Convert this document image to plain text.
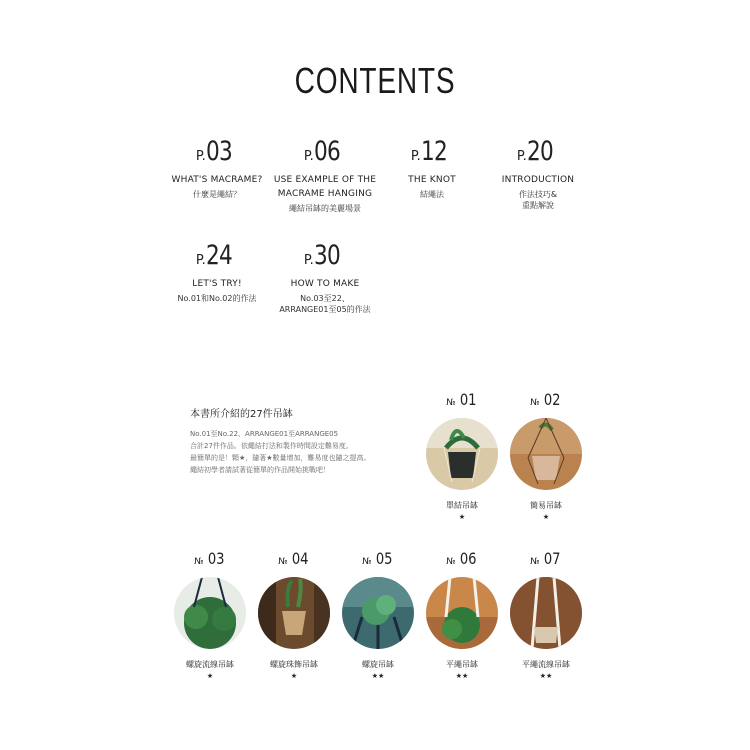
CONTENTS
P.03
WHAT'S MACRAME?
什麼是繩結？
P.06
USE EXAMPLE OF THE
MACRAME HANGING
繩結吊缽的美麗場景
P.12
THE KNOT
結繩法
P.20
INTRODUCTION
作法技巧&
重點解說
P.24
LET'S TRY!
No.01和No.02的作法
P.30
HOW TO MAKE
No.03至22、
ARRANGE01至05的作法
本書所介紹的27件吊缽
No.01至No.22、ARRANGE01至ARRANGE05
合計27件作品。依繩結打法和製作時間設定難易度。
最簡單的是！顆★，隨著★數量增加，難易度也隨之提高。
繩結初學者請試著從簡單的作品開始挑戰吧！
№ 01
單結吊缽
★
№ 02
簡易吊缽
★
№ 03
螺旋流線吊缽
★
№ 04
螺旋珠飾吊缽
★
№ 05
螺旋吊缽
★★
№ 06
平繩吊缽
★★
№ 07
平繩流線吊缽
★★
